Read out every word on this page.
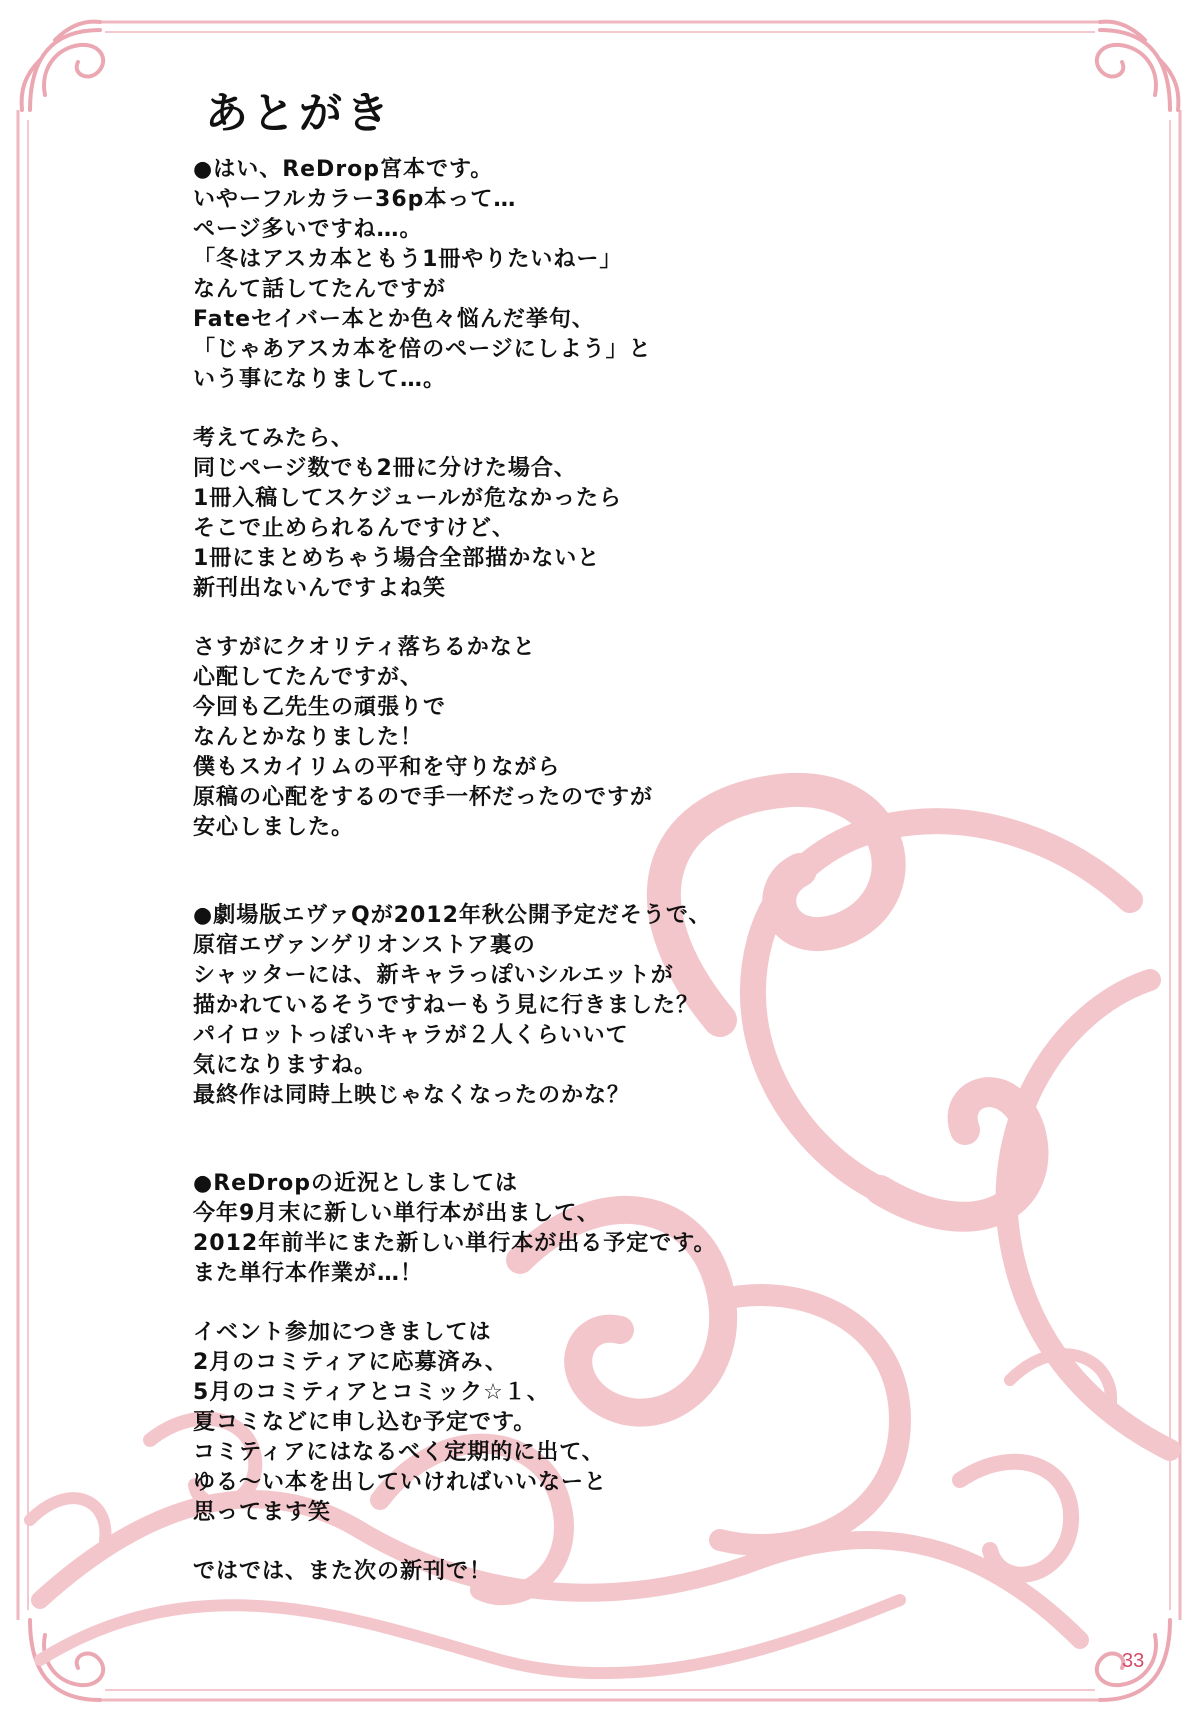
あとがき
●はい、ReDrop宮本です。
いやーフルカラー36p本って…
ページ多いですね…。
「冬はアスカ本ともう1冊やりたいねー」
なんて話してたんですが
Fateセイバー本とか色々悩んだ挙句、
「じゃあアスカ本を倍のページにしよう」と
いう事になりまして…。
考えてみたら、
同じページ数でも2冊に分けた場合、
1冊入稿してスケジュールが危なかったら
そこで止められるんですけど、
1冊にまとめちゃう場合全部描かないと
新刊出ないんですよね笑
さすがにクオリティ落ちるかなと
心配してたんですが、
今回も乙先生の頑張りで
なんとかなりました！
僕もスカイリムの平和を守りながら
原稿の心配をするので手一杯だったのですが
安心しました。
●劇場版エヴァQが2012年秋公開予定だそうで、
原宿エヴァンゲリオンストア裏の
シャッターには、新キャラっぽいシルエットが
描かれているそうですねーもう見に行きました？
パイロットっぽいキャラが２人くらいいて
気になりますね。
最終作は同時上映じゃなくなったのかな？
●ReDropの近況としましては
今年9月末に新しい単行本が出まして、
2012年前半にまた新しい単行本が出る予定です。
また単行本作業が…！
イベント参加につきましては
2月のコミティアに応募済み、
5月のコミティアとコミック☆１、
夏コミなどに申し込む予定です。
コミティアにはなるべく定期的に出て、
ゆる～い本を出していければいいなーと
思ってます笑
ではでは、また次の新刊で！
33
